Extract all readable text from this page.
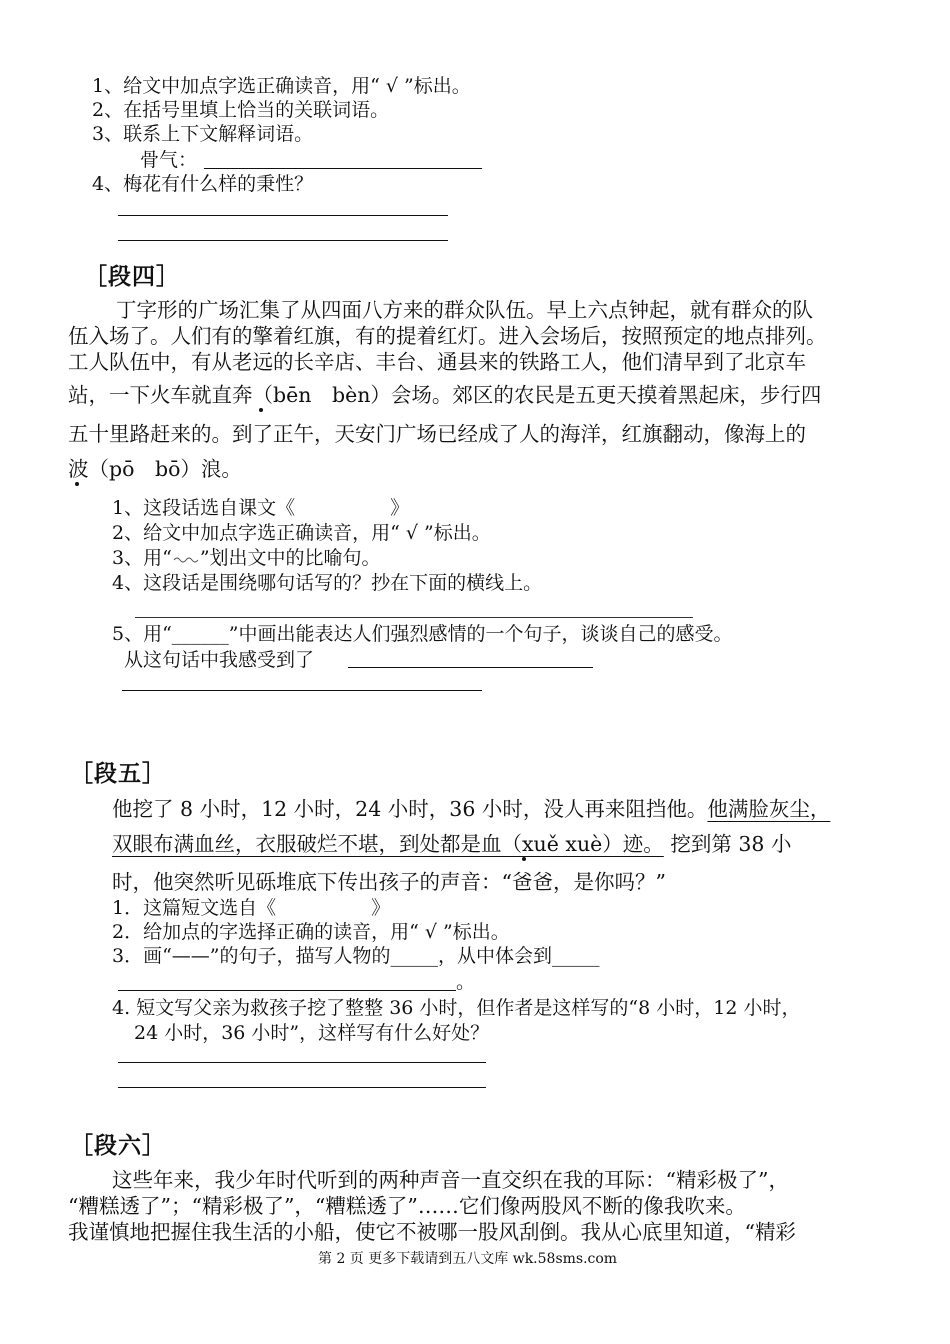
1、给文中加点字选正确读音，用“ √ ”标出。
2、在括号里填上恰当的关联词语。
3、联系上下文解释词语。
骨气：
4、梅花有什么样的秉性？
［段四］
丁字形的广场汇集了从四面八方来的群众队伍。早上六点钟起，就有群众的队
伍入场了。人们有的擎着红旗，有的提着红灯。进入会场后，按照预定的地点排列。
工人队伍中，有从老远的长辛店、丰台、通县来的铁路工人，他们清早到了北京车
站，一下火车就直奔（bēn　bèn）会场。郊区的农民是五更天摸着黑起床，步行四
五十里路赶来的。到了正午，天安门广场已经成了人的海洋，红旗翻动，像海上的
波（pō　bō）浪。
1、这段话选自课文《　　　　　》
2、给文中加点字选正确读音，用“ √ ”标出。
3、用“ ”划出文中的比喻句。
4、这段话是围绕哪句话写的？抄在下面的横线上。
5、用“______”中画出能表达人们强烈感情的一个句子，谈谈自己的感受。
从这句话中我感受到了
［段五］
他挖了 8 小时，12 小时，24 小时，36 小时，没人再来阻挡他。他满脸灰尘，
双眼布满血丝，衣服破烂不堪，到处都是血（xuě xuè）迹。 挖到第 38 小
时，他突然听见砾堆底下传出孩子的声音：“爸爸，是你吗？”
1．这篇短文选自《　　　　　》
2．给加点的字选择正确的读音，用“ √ ”标出。
3．画“——”的句子，描写人物的_____，从中体会到_____
。
4. 短文写父亲为救孩子挖了整整 36 小时，但作者是这样写的“8 小时，12 小时，
24 小时，36 小时”，这样写有什么好处？
［段六］
这些年来，我少年时代听到的两种声音一直交织在我的耳际：“精彩极了”，
“糟糕透了”；“精彩极了”，“糟糕透了”……它们像两股风不断的像我吹来。
我谨慎地把握住我生活的小船，使它不被哪一股风刮倒。我从心底里知道，“精彩
第 2 页 更多下载请到五八文库 wk.58sms.com
